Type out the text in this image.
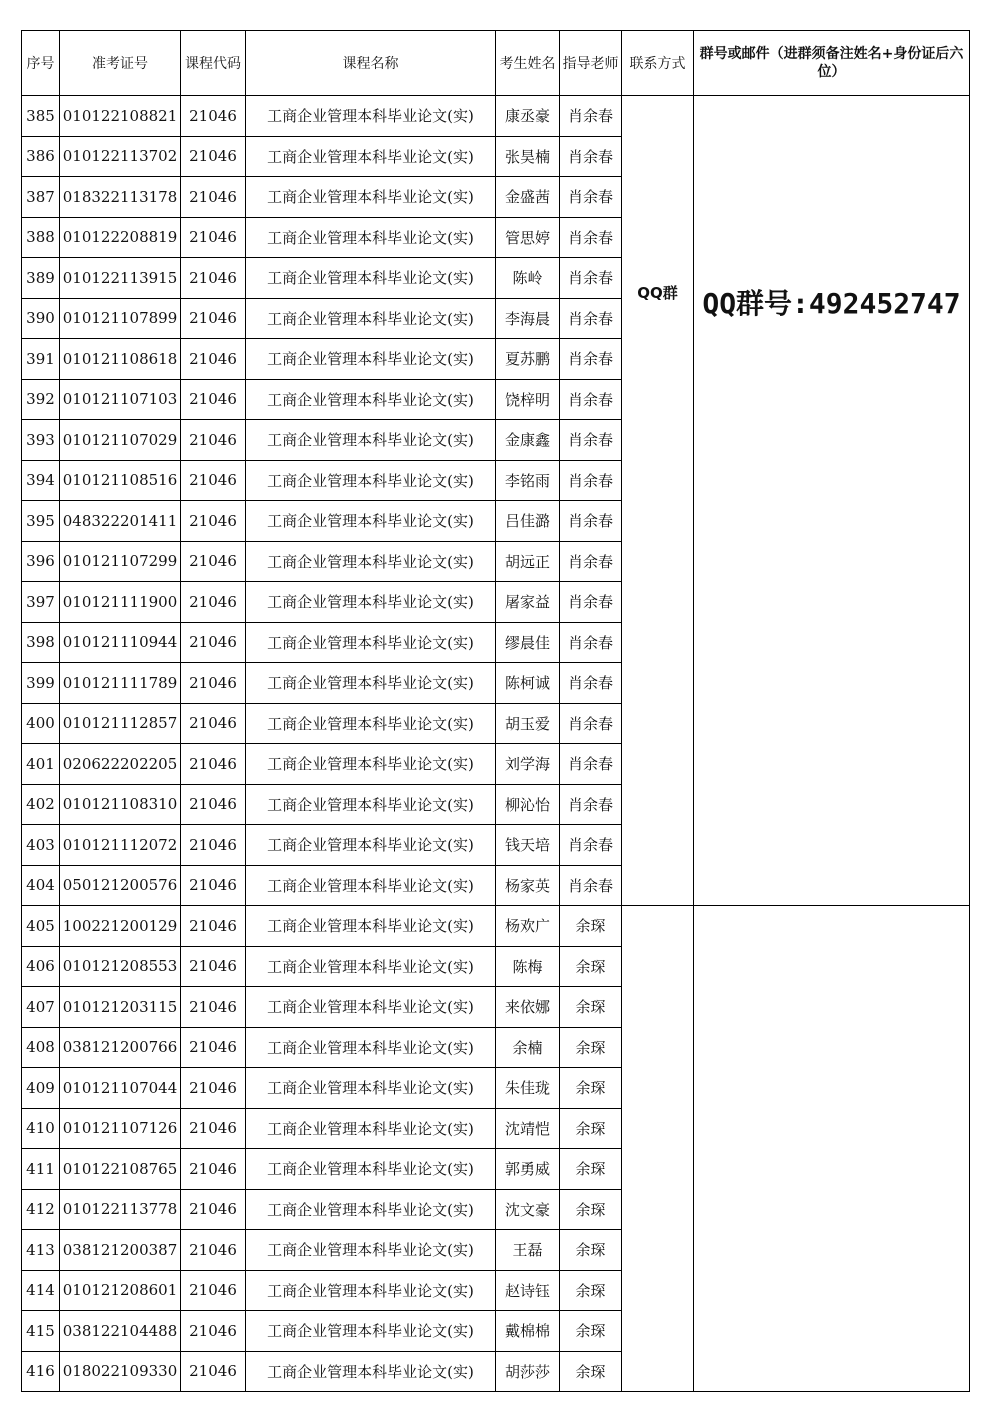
序号	准考证号	课程代码	课程名称	考生姓名	指导老师	联系方式	群号或邮件（进群须备注姓名+身份证后六位）
385	010122108821	21046	工商企业管理本科毕业论文(实)	康丞豪	肖余春	QQ群	QQ群号:492452747
386	010122113702	21046	工商企业管理本科毕业论文(实)	张昊楠	肖余春		
387	018322113178	21046	工商企业管理本科毕业论文(实)	金盛茜	肖余春		
388	010122208819	21046	工商企业管理本科毕业论文(实)	管思婷	肖余春		
389	010122113915	21046	工商企业管理本科毕业论文(实)	陈岭	肖余春		
390	010121107899	21046	工商企业管理本科毕业论文(实)	李海晨	肖余春		
391	010121108618	21046	工商企业管理本科毕业论文(实)	夏苏鹏	肖余春		
392	010121107103	21046	工商企业管理本科毕业论文(实)	饶梓明	肖余春		
393	010121107029	21046	工商企业管理本科毕业论文(实)	金康鑫	肖余春		
394	010121108516	21046	工商企业管理本科毕业论文(实)	李铭雨	肖余春		
395	048322201411	21046	工商企业管理本科毕业论文(实)	吕佳潞	肖余春		
396	010121107299	21046	工商企业管理本科毕业论文(实)	胡远正	肖余春		
397	010121111900	21046	工商企业管理本科毕业论文(实)	屠家益	肖余春		
398	010121110944	21046	工商企业管理本科毕业论文(实)	缪晨佳	肖余春		
399	010121111789	21046	工商企业管理本科毕业论文(实)	陈柯诚	肖余春		
400	010121112857	21046	工商企业管理本科毕业论文(实)	胡玉爱	肖余春		
401	020622202205	21046	工商企业管理本科毕业论文(实)	刘学海	肖余春		
402	010121108310	21046	工商企业管理本科毕业论文(实)	柳沁怡	肖余春		
403	010121112072	21046	工商企业管理本科毕业论文(实)	钱天培	肖余春		
404	050121200576	21046	工商企业管理本科毕业论文(实)	杨家英	肖余春		
405	100221200129	21046	工商企业管理本科毕业论文(实)	杨欢广	余琛		
406	010121208553	21046	工商企业管理本科毕业论文(实)	陈梅	余琛		
407	010121203115	21046	工商企业管理本科毕业论文(实)	来依娜	余琛		
408	038121200766	21046	工商企业管理本科毕业论文(实)	余楠	余琛		
409	010121107044	21046	工商企业管理本科毕业论文(实)	朱佳珑	余琛		
410	010121107126	21046	工商企业管理本科毕业论文(实)	沈靖恺	余琛		
411	010122108765	21046	工商企业管理本科毕业论文(实)	郭勇威	余琛		
412	010122113778	21046	工商企业管理本科毕业论文(实)	沈文豪	余琛		
413	038121200387	21046	工商企业管理本科毕业论文(实)	王磊	余琛		
414	010121208601	21046	工商企业管理本科毕业论文(实)	赵诗钰	余琛		
415	038122104488	21046	工商企业管理本科毕业论文(实)	戴棉棉	余琛		
416	018022109330	21046	工商企业管理本科毕业论文(实)	胡莎莎	余琛		
